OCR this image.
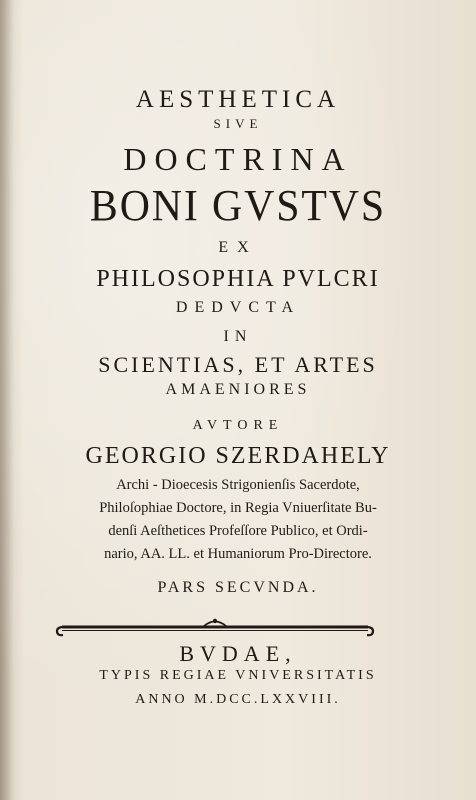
AESTHETICA
SIVE
DOCTRINA
BONI GVSTVS
EX
PHILOSOPHIA PVLCRI
DEDVCTA
IN
SCIENTIAS, ET ARTES
AMAENIORES
AVTORE
GEORGIO SZERDAHELY
Archi - Dioecesis Strigonienſis Sacerdote,
Philoſophiae Doctore, in Regia Vniuerſitate Bu-
denſi Aeſthetices Profeſſore Publico, et Ordi-
nario, AA. LL. et Humaniorum Pro-Directore.
PARS SECVNDA.
BVDAE,
TYPIS REGIAE VNIVERSITATIS
ANNO M.DCC.LXXVIII.
